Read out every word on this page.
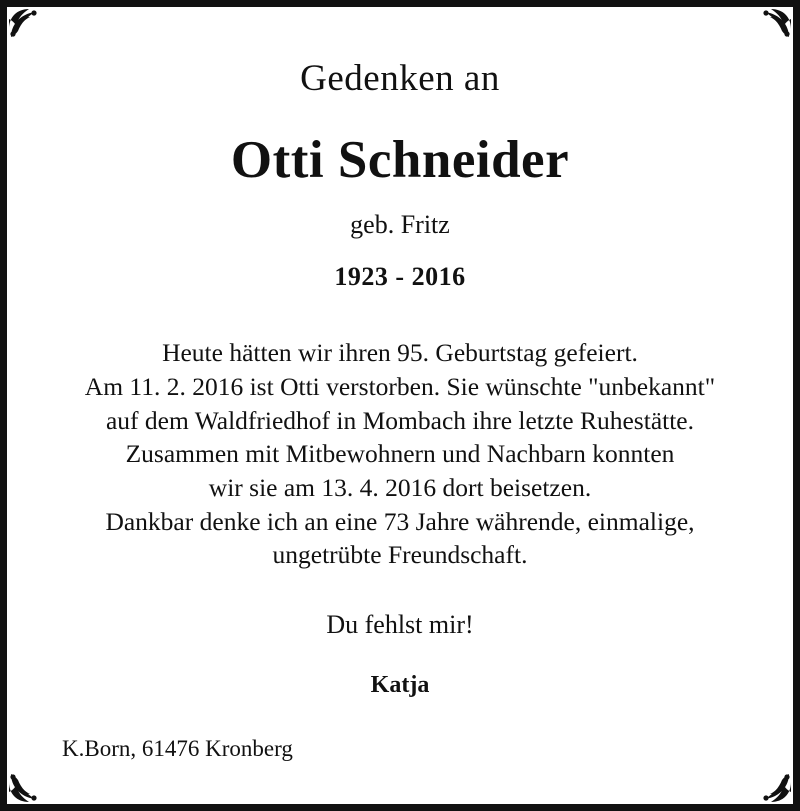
Gedenken an
Otti Schneider
geb. Fritz
1923 - 2016
Heute hätten wir ihren 95. Geburtstag gefeiert.
Am 11. 2. 2016 ist Otti verstorben. Sie wünschte "unbekannt"
auf dem Waldfriedhof in Mombach ihre letzte Ruhestätte.
Zusammen mit Mitbewohnern und Nachbarn konnten
wir sie am 13. 4. 2016 dort beisetzen.
Dankbar denke ich an eine 73 Jahre währende, einmalige,
ungetrübte Freundschaft.
Du fehlst mir!
Katja
K.Born, 61476 Kronberg
